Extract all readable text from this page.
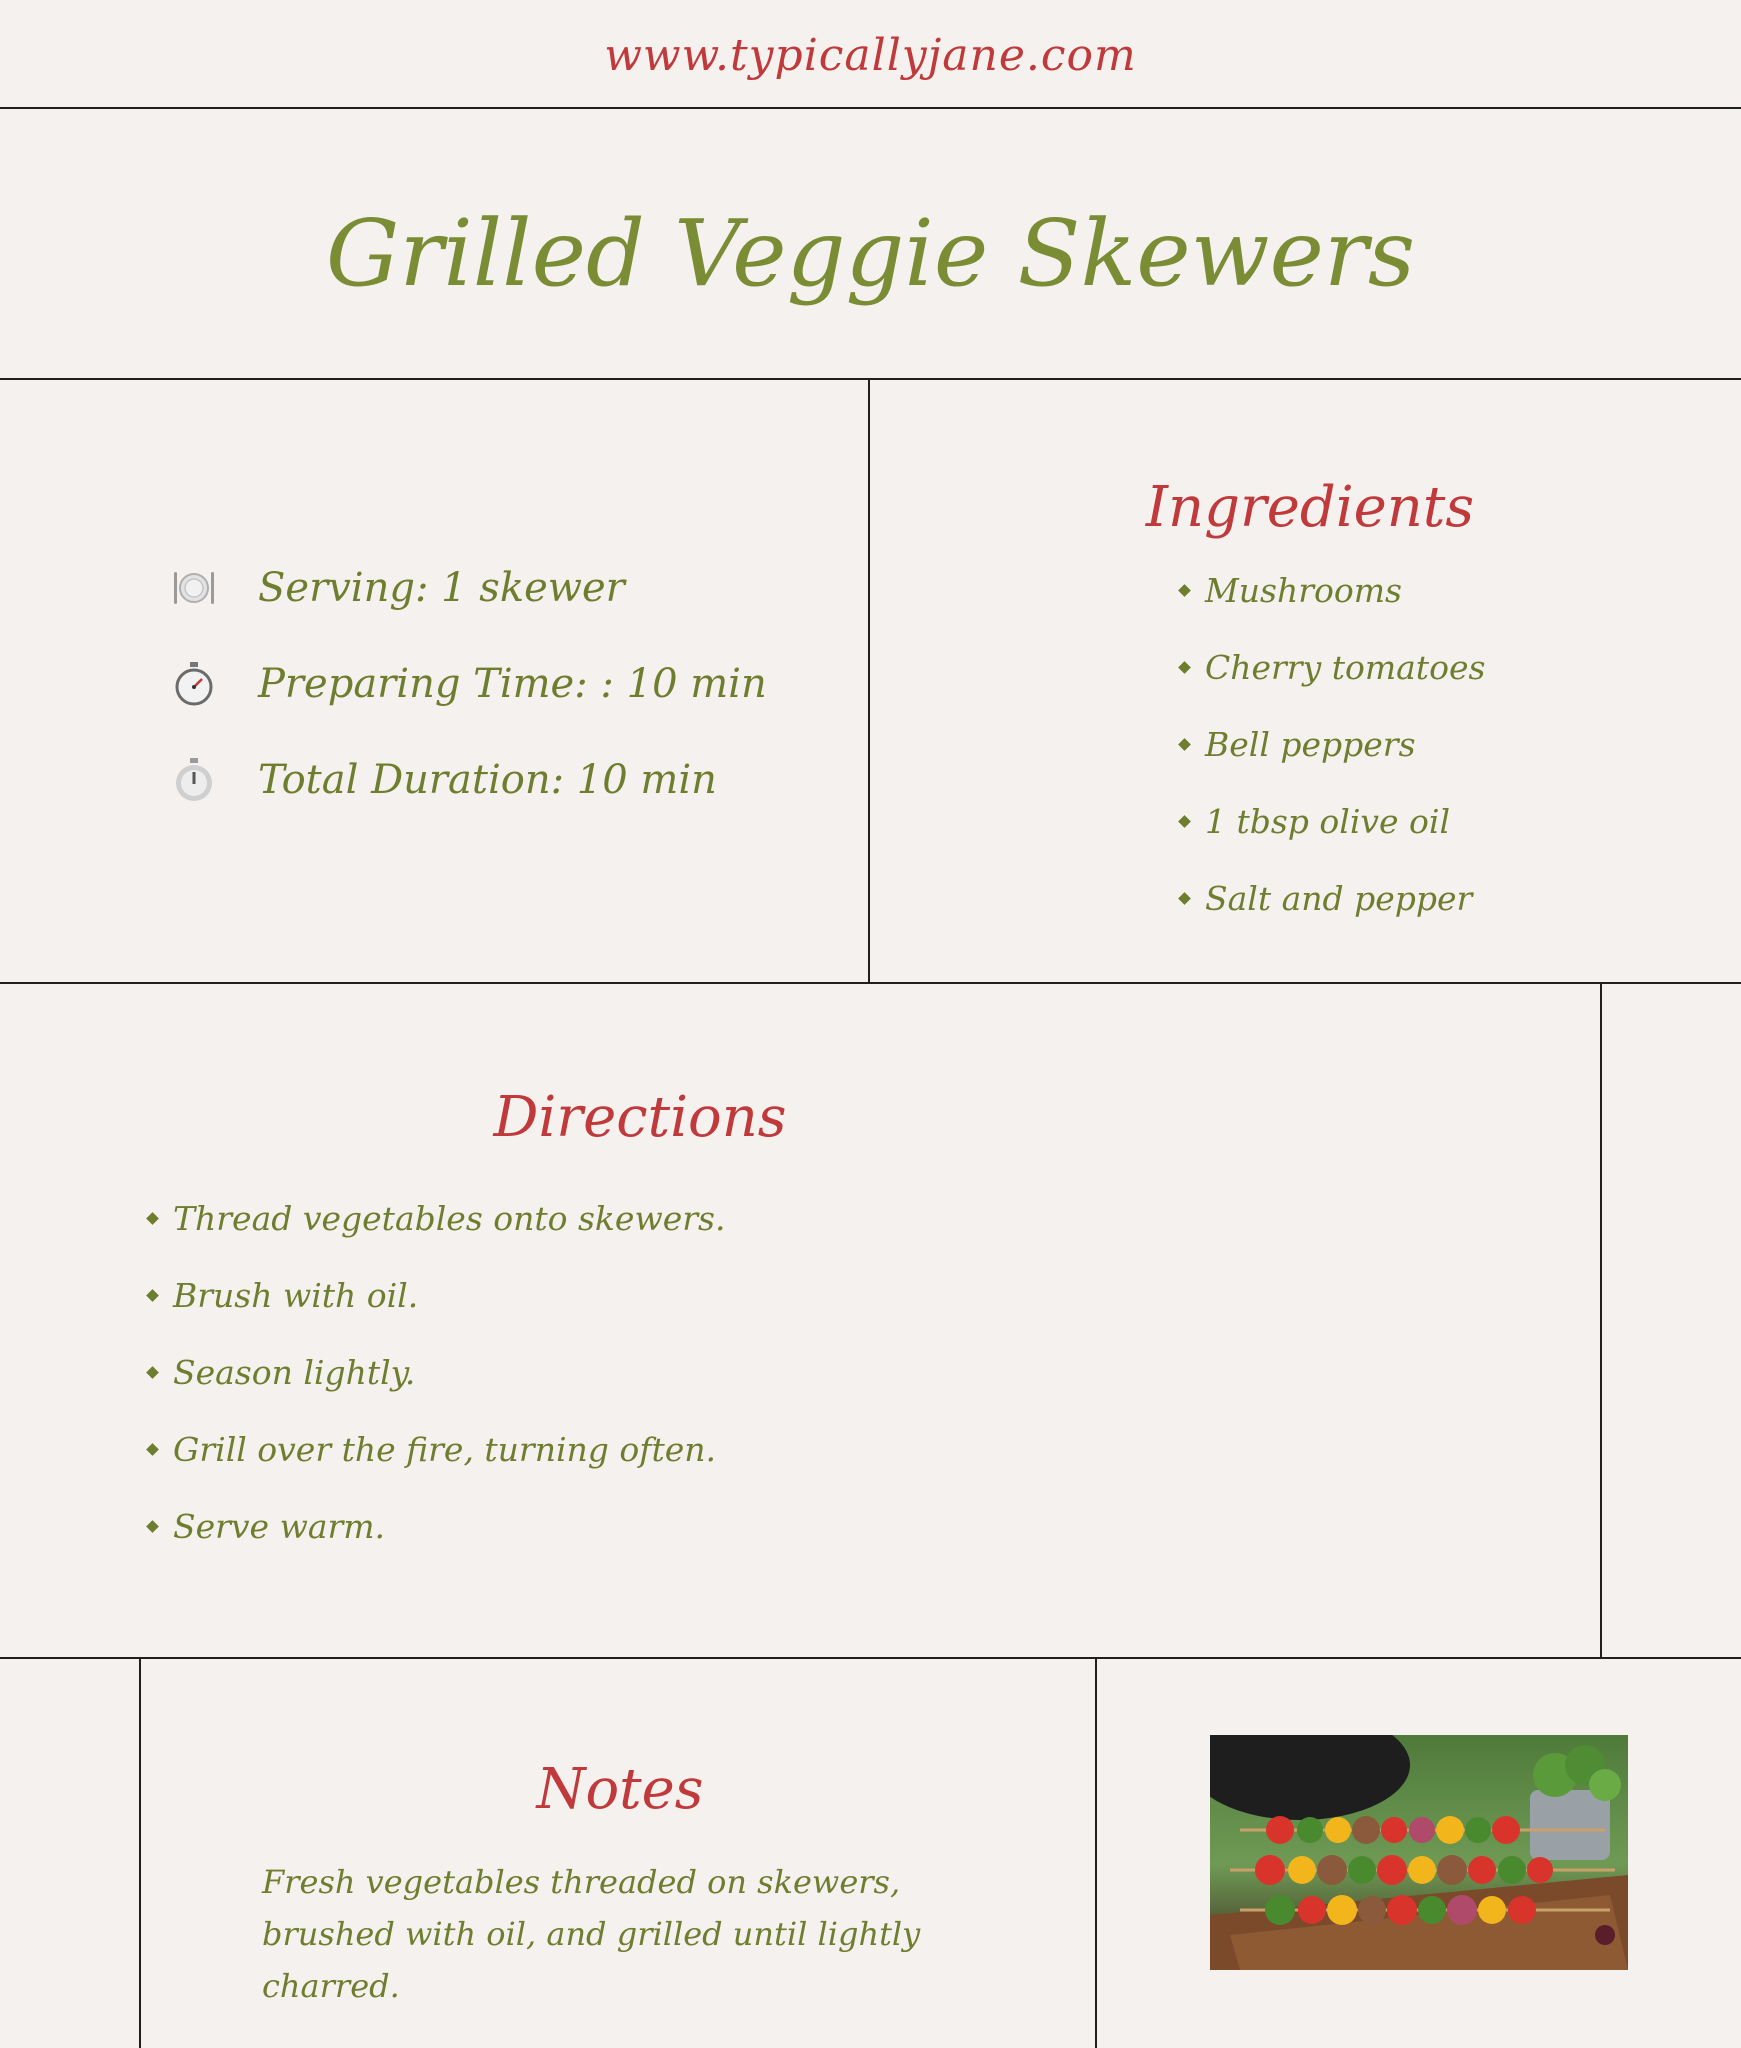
www.typicallyjane.com
Grilled Veggie Skewers
Serving: 1 skewer
Preparing Time: : 10 min
Total Duration: 10 min
Ingredients
Mushrooms
Cherry tomatoes
Bell peppers
1 tbsp olive oil
Salt and pepper
Directions
Thread vegetables onto skewers.
Brush with oil.
Season lightly.
Grill over the fire, turning often.
Serve warm.
Notes
Fresh vegetables threaded on skewers, brushed with oil, and grilled until lightly charred.
